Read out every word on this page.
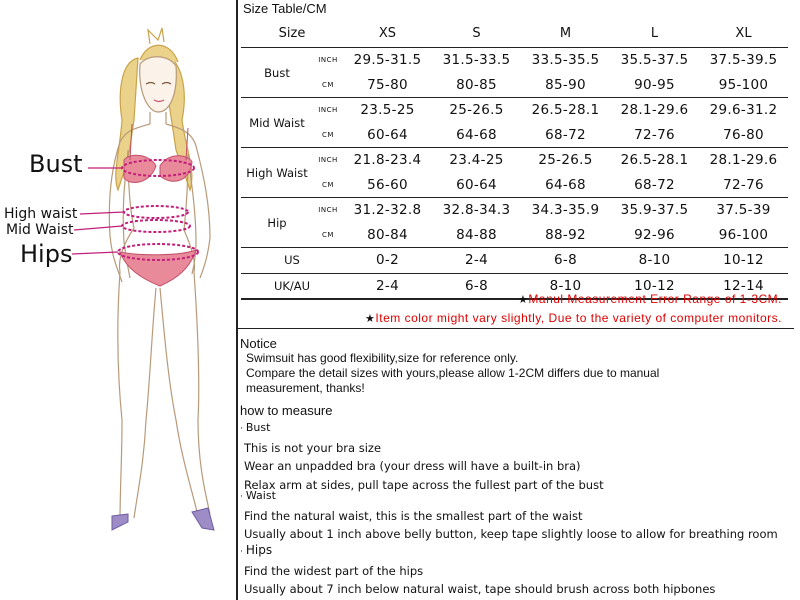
Bust
High waist
Mid Waist
Hips
Size Table/CM
Size		XS	S	M	L	XL
Bust	INCH	29.5-31.5	31.5-33.5	33.5-35.5	35.5-37.5	37.5-39.5
	CM	75-80	80-85	85-90	90-95	95-100
Mid Waist	INCH	23.5-25	25-26.5	26.5-28.1	28.1-29.6	29.6-31.2
	CM	60-64	64-68	68-72	72-76	76-80
High Waist	INCH	21.8-23.4	23.4-25	25-26.5	26.5-28.1	28.1-29.6
	CM	56-60	60-64	64-68	68-72	72-76
Hip	INCH	31.2-32.8	32.8-34.3	34.3-35.9	35.9-37.5	37.5-39
	CM	80-84	84-88	88-92	92-96	96-100
US		0-2	2-4	6-8	8-10	10-12
UK/AU		2-4	6-8	8-10	10-12	12-14
★Manul Measurement Error Range of 1-3CM.
★Item color might vary slightly, Due to the variety of computer monitors.
Notice
Swimsuit has good flexibility,size for reference only.
Compare the detail sizes with yours,please allow 1-2CM differs due to manual
measurement, thanks!
how to measure
· Bust
This is not your bra size
Wear an unpadded bra (your dress will have a built-in bra)
Relax arm at sides, pull tape across the fullest part of the bust
· Waist
Find the natural waist, this is the smallest part of the waist
Usually about 1 inch above belly button, keep tape slightly loose to allow for breathing room
· Hips
Find the widest part of the hips
Usually about 7 inch below natural waist, tape should brush across both hipbones
